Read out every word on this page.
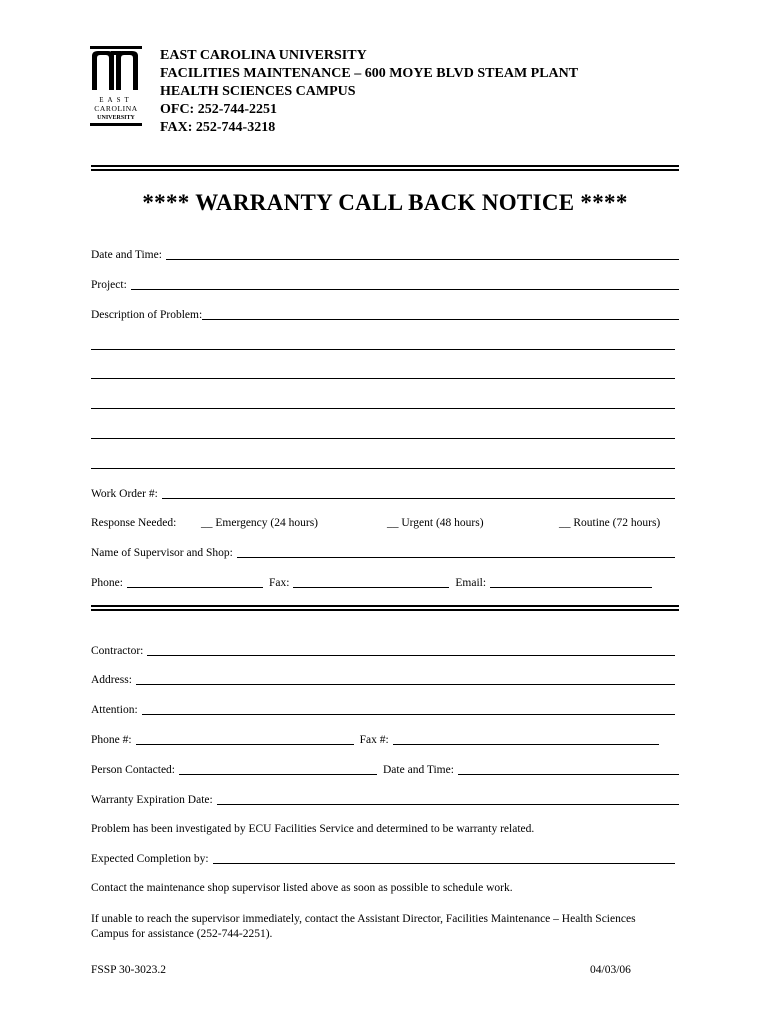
EAST
CAROLINA
UNIVERSITY
EAST CAROLINA UNIVERSITY
FACILITIES MAINTENANCE – 600 MOYE BLVD STEAM PLANT
HEALTH SCIENCES CAMPUS
OFC: 252-744-2251
FAX: 252-744-3218
**** WARRANTY CALL BACK NOTICE ****
Date and Time:
Project:
Description of Problem:
Work Order #:
Response Needed: __ Emergency (24 hours)	__ Urgent (48 hours)	__ Routine (72 hours)
Name of Supervisor and Shop:
Phone:	Fax:	Email:
Contractor:
Address:
Attention:
Phone #:	Fax #:
Person Contacted:	Date and Time:
Warranty Expiration Date:
Problem has been investigated by ECU Facilities Service and determined to be warranty related.
Expected Completion by:
Contact the maintenance shop supervisor listed above as soon as possible to schedule work.
If unable to reach the supervisor immediately, contact the Assistant Director, Facilities Maintenance – Health Sciences Campus for assistance (252-744-2251).
FSSP 30-3023.2	04/03/06
